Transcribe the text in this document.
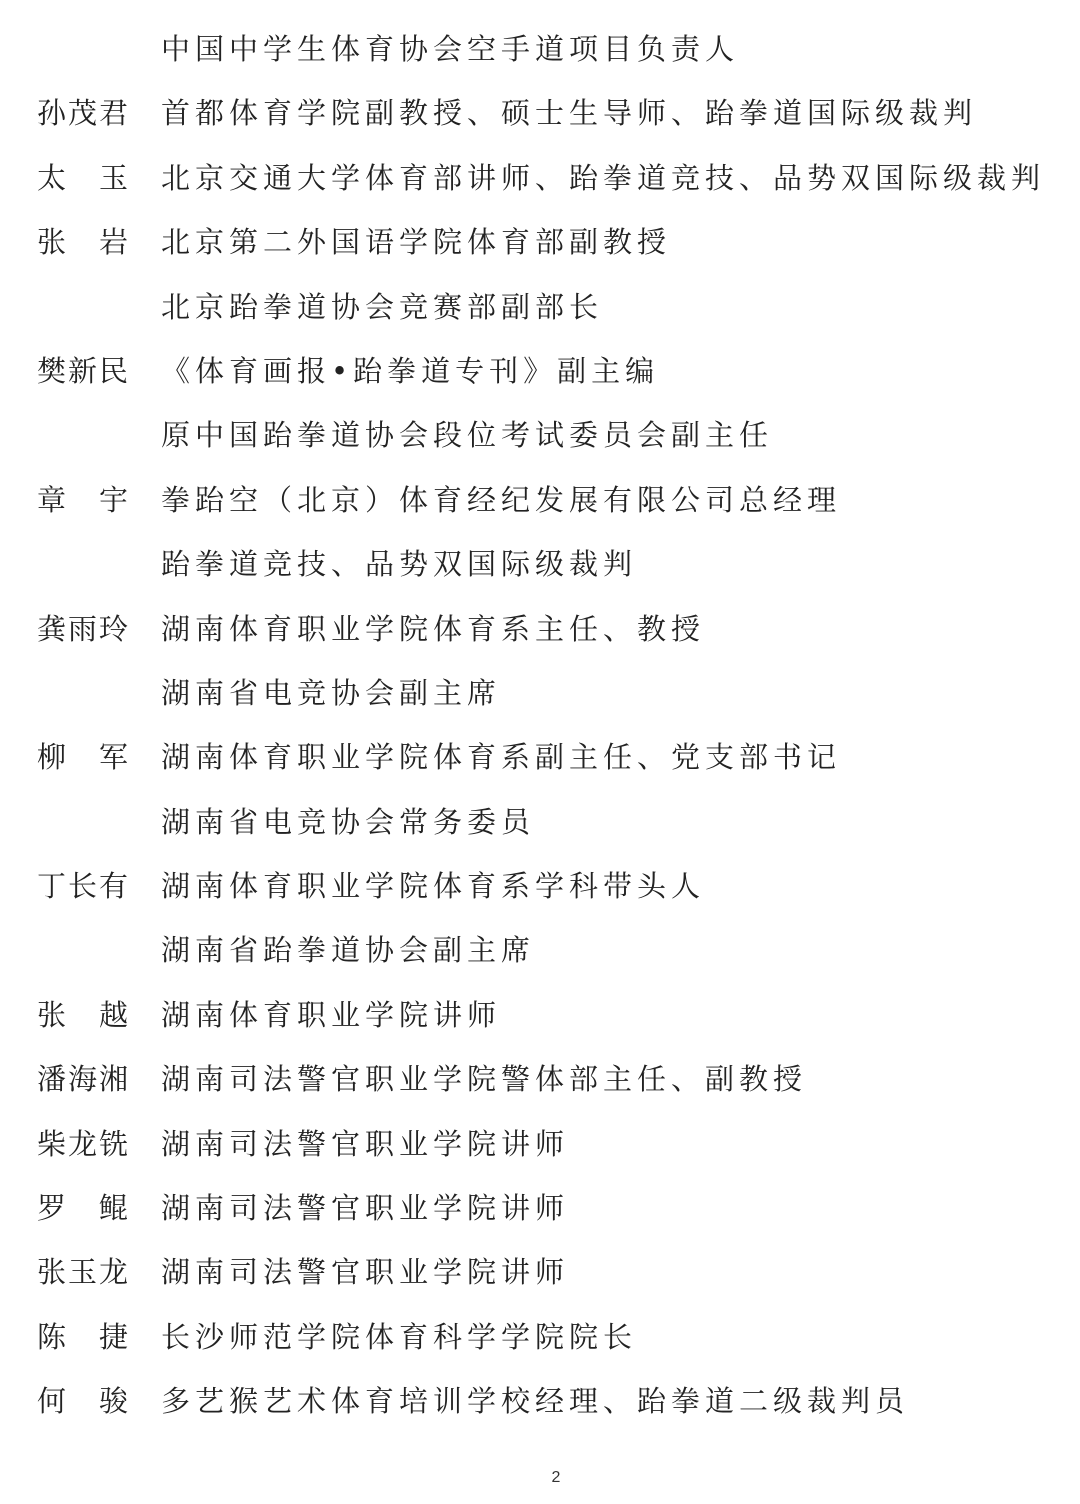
中国中学生体育协会空手道项目负责人
孙 茂 君 首都体育学院副教授、硕士生导师、跆拳道国际级裁判
太 玉 北京交通大学体育部讲师、跆拳道竞技、品势双国际级裁判
张 岩 北京第二外国语学院体育部副教授
北京跆拳道协会竞赛部副部长
樊 新 民 《体育画报•跆拳道专刊》副主编
原中国跆拳道协会段位考试委员会副主任
章 宇 拳跆空（北京）体育经纪发展有限公司总经理
跆拳道竞技、品势双国际级裁判
龚 雨 玲 湖南体育职业学院体育系主任、教授
湖南省电竞协会副主席
柳 军 湖南体育职业学院体育系副主任、党支部书记
湖南省电竞协会常务委员
丁 长 有 湖南体育职业学院体育系学科带头人
湖南省跆拳道协会副主席
张 越 湖南体育职业学院讲师
潘 海 湘 湖南司法警官职业学院警体部主任、副教授
柴 龙 铣 湖南司法警官职业学院讲师
罗 鲲 湖南司法警官职业学院讲师
张 玉 龙 湖南司法警官职业学院讲师
陈 捷 长沙师范学院体育科学学院院长
何 骏 多艺猴艺术体育培训学校经理、跆拳道二级裁判员
2
